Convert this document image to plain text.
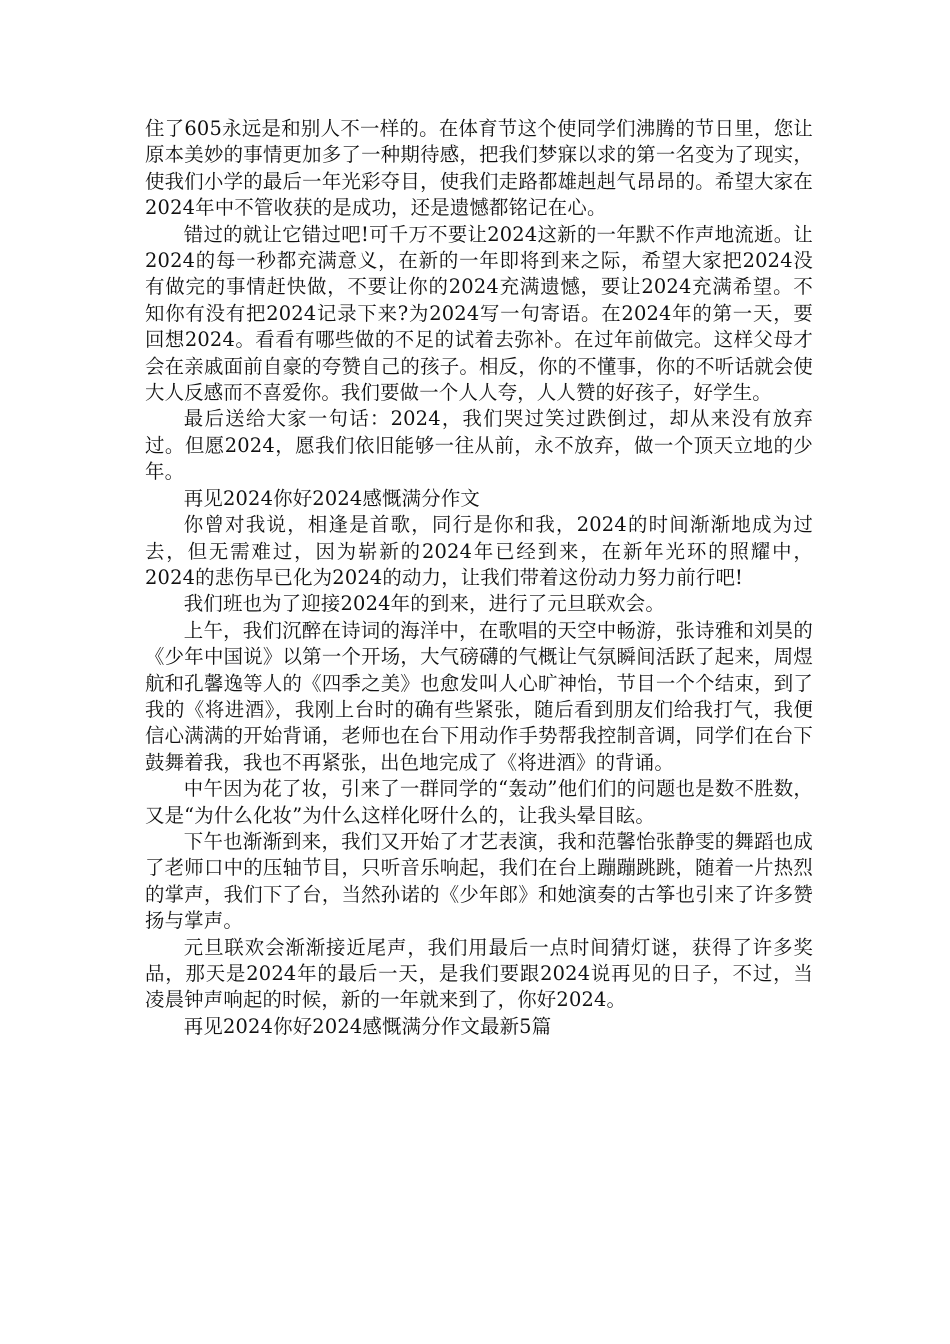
住了605永远是和别人不一样的。在体育节这个使同学们沸腾的节日里，您让原本美妙的事情更加多了一种期待感，把我们梦寐以求的第一名变为了现实，使我们小学的最后一年光彩夺目，使我们走路都雄赳赳气昂昂的。希望大家在2024年中不管收获的是成功，还是遗憾都铭记在心。

错过的就让它错过吧!可千万不要让2024这新的一年默不作声地流逝。让2024的每一秒都充满意义，在新的一年即将到来之际，希望大家把2024没有做完的事情赶快做，不要让你的2024充满遗憾，要让2024充满希望。不知你有没有把2024记录下来?为2024写一句寄语。在2024年的第一天，要回想2024。看看有哪些做的不足的试着去弥补。在过年前做完。这样父母才会在亲戚面前自豪的夸赞自己的孩子。相反，你的不懂事，你的不听话就会使大人反感而不喜爱你。我们要做一个人人夸，人人赞的好孩子，好学生。

最后送给大家一句话：2024，我们哭过笑过跌倒过，却从来没有放弃过。但愿2024，愿我们依旧能够一往从前，永不放弃，做一个顶天立地的少年。

再见2024你好2024感慨满分作文

你曾对我说，相逢是首歌，同行是你和我，2024的时间渐渐地成为过去，但无需难过，因为崭新的2024年已经到来，在新年光环的照耀中，2024的悲伤早已化为2024的动力，让我们带着这份动力努力前行吧!

我们班也为了迎接2024年的到来，进行了元旦联欢会。

上午，我们沉醉在诗词的海洋中，在歌唱的天空中畅游，张诗雅和刘昊的《少年中国说》以第一个开场，大气磅礴的气概让气氛瞬间活跃了起来，周煜航和孔馨逸等人的《四季之美》也愈发叫人心旷神怡，节目一个个结束，到了我的《将进酒》，我刚上台时的确有些紧张，随后看到朋友们给我打气，我便信心满满的开始背诵，老师也在台下用动作手势帮我控制音调，同学们在台下鼓舞着我，我也不再紧张，出色地完成了《将进酒》的背诵。

中午因为花了妆，引来了一群同学的“轰动”他们们的问题也是数不胜数，又是“为什么化妆”为什么这样化呀什么的，让我头晕目眩。

下午也渐渐到来，我们又开始了才艺表演，我和范馨怡张静雯的舞蹈也成了老师口中的压轴节目，只听音乐响起，我们在台上蹦蹦跳跳，随着一片热烈的掌声，我们下了台，当然孙诺的《少年郎》和她演奏的古筝也引来了许多赞扬与掌声。

元旦联欢会渐渐接近尾声，我们用最后一点时间猜灯谜，获得了许多奖品，那天是2024年的最后一天，是我们要跟2024说再见的日子，不过，当凌晨钟声响起的时候，新的一年就来到了，你好2024。

再见2024你好2024感慨满分作文最新5篇
